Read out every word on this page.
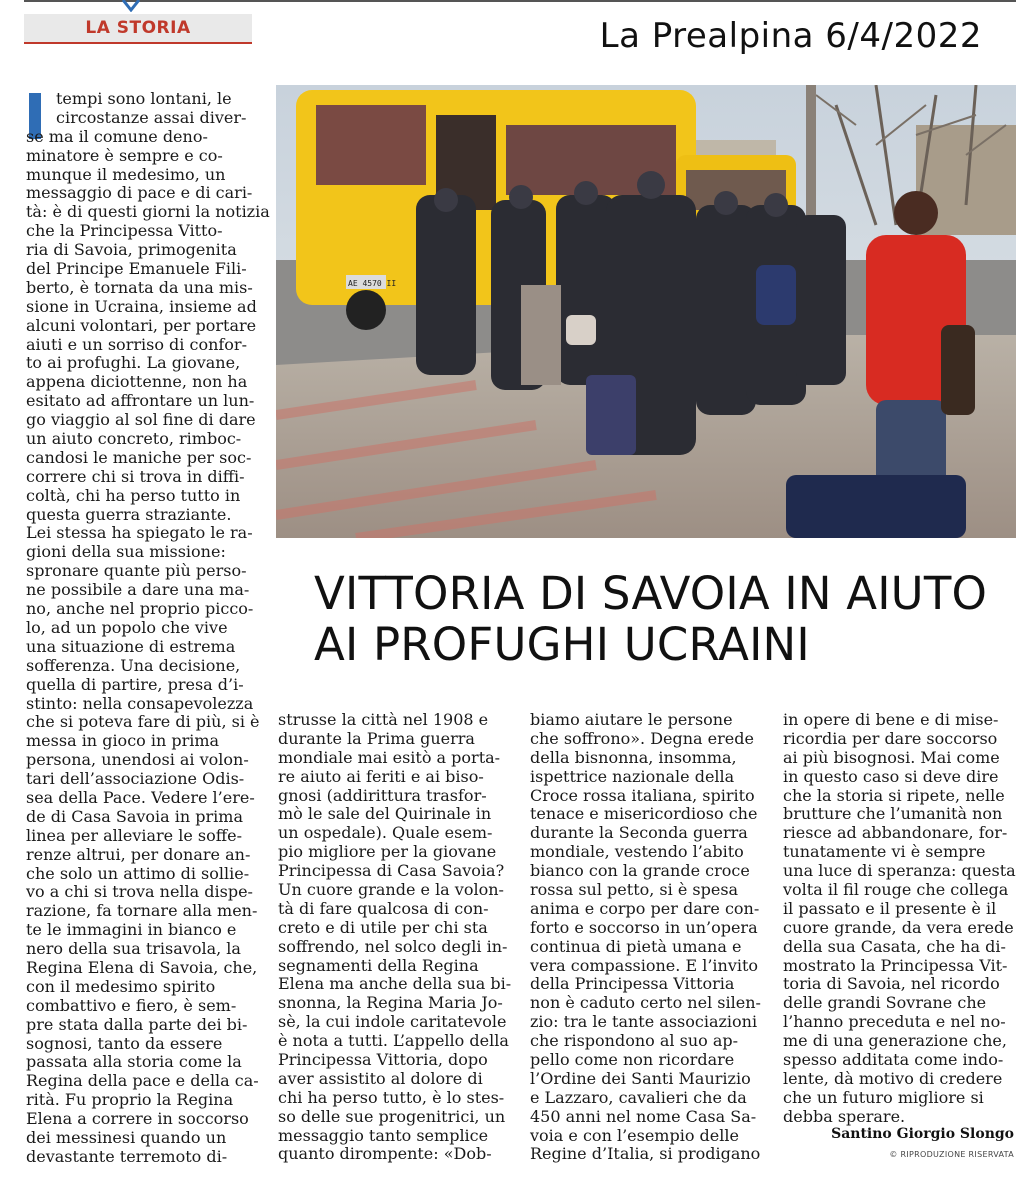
LA STORIA	La Prealpina 6/4/2022
AE 4570 II
VITTORIA DI SAVOIA IN AIUTO
AI PROFUGHI UCRAINI
tempi sono lontani, le
circostanze assai diver-
se ma il comune deno-
minatore è sempre e co-
munque il medesimo, un
messaggio di pace e di cari-
tà: è di questi giorni la notizia
che la Principessa Vitto-
ria di Savoia, primogenita
del Principe Emanuele Fili-
berto, è tornata da una mis-
sione in Ucraina, insieme ad
alcuni volontari, per portare
aiuti e un sorriso di confor-
to ai profughi. La giovane,
appena diciottenne, non ha
esitato ad affrontare un lun-
go viaggio al sol fine di dare
un aiuto concreto, rimboc-
candosi le maniche per soc-
correre chi si trova in diffi-
coltà, chi ha perso tutto in
questa guerra straziante.
Lei stessa ha spiegato le ra-
gioni della sua missione:
spronare quante più perso-
ne possibile a dare una ma-
no, anche nel proprio picco-
lo, ad un popolo che vive
una situazione di estrema
sofferenza. Una decisione,
quella di partire, presa d’i-
stinto: nella consapevolezza
che si poteva fare di più, si è
messa in gioco in prima
persona, unendosi ai volon-
tari dell’associazione Odis-
sea della Pace. Vedere l’ere-
de di Casa Savoia in prima
linea per alleviare le soffe-
renze altrui, per donare an-
che solo un attimo di sollie-
vo a chi si trova nella dispe-
razione, fa tornare alla men-
te le immagini in bianco e
nero della sua trisavola, la
Regina Elena di Savoia, che,
con il medesimo spirito
combattivo e fiero, è sem-
pre stata dalla parte dei bi-
sognosi, tanto da essere
passata alla storia come la
Regina della pace e della ca-
rità. Fu proprio la Regina
Elena a correre in soccorso
dei messinesi quando un
devastante terremoto di-
strusse la città nel 1908 e
durante la Prima guerra
mondiale mai esitò a porta-
re aiuto ai feriti e ai biso-
gnosi (addirittura trasfor-
mò le sale del Quirinale in
un ospedale). Quale esem-
pio migliore per la giovane
Principessa di Casa Savoia?
Un cuore grande e la volon-
tà di fare qualcosa di con-
creto e di utile per chi sta
soffrendo, nel solco degli in-
segnamenti della Regina
Elena ma anche della sua bi-
snonna, la Regina Maria Jo-
sè, la cui indole caritatevole
è nota a tutti. L’appello della
Principessa Vittoria, dopo
aver assistito al dolore di
chi ha perso tutto, è lo stes-
so delle sue progenitrici, un
messaggio tanto semplice
quanto dirompente: «Dob-
biamo aiutare le persone
che soffrono». Degna erede
della bisnonna, insomma,
ispettrice nazionale della
Croce rossa italiana, spirito
tenace e misericordioso che
durante la Seconda guerra
mondiale, vestendo l’abito
bianco con la grande croce
rossa sul petto, si è spesa
anima e corpo per dare con-
forto e soccorso in un’opera
continua di pietà umana e
vera compassione. E l’invito
della Principessa Vittoria
non è caduto certo nel silen-
zio: tra le tante associazioni
che rispondono al suo ap-
pello come non ricordare
l’Ordine dei Santi Maurizio
e Lazzaro, cavalieri che da
450 anni nel nome Casa Sa-
voia e con l’esempio delle
Regine d’Italia, si prodigano
in opere di bene e di mise-
ricordia per dare soccorso
ai più bisognosi. Mai come
in questo caso si deve dire
che la storia si ripete, nelle
brutture che l’umanità non
riesce ad abbandonare, for-
tunatamente vi è sempre
una luce di speranza: questa
volta il fil rouge che collega
il passato e il presente è il
cuore grande, da vera erede
della sua Casata, che ha di-
mostrato la Principessa Vit-
toria di Savoia, nel ricordo
delle grandi Sovrane che
l’hanno preceduta e nel no-
me di una generazione che,
spesso additata come indo-
lente, dà motivo di credere
che un futuro migliore si
debba sperare.
Santino Giorgio Slongo
© RIPRODUZIONE RISERVATA
